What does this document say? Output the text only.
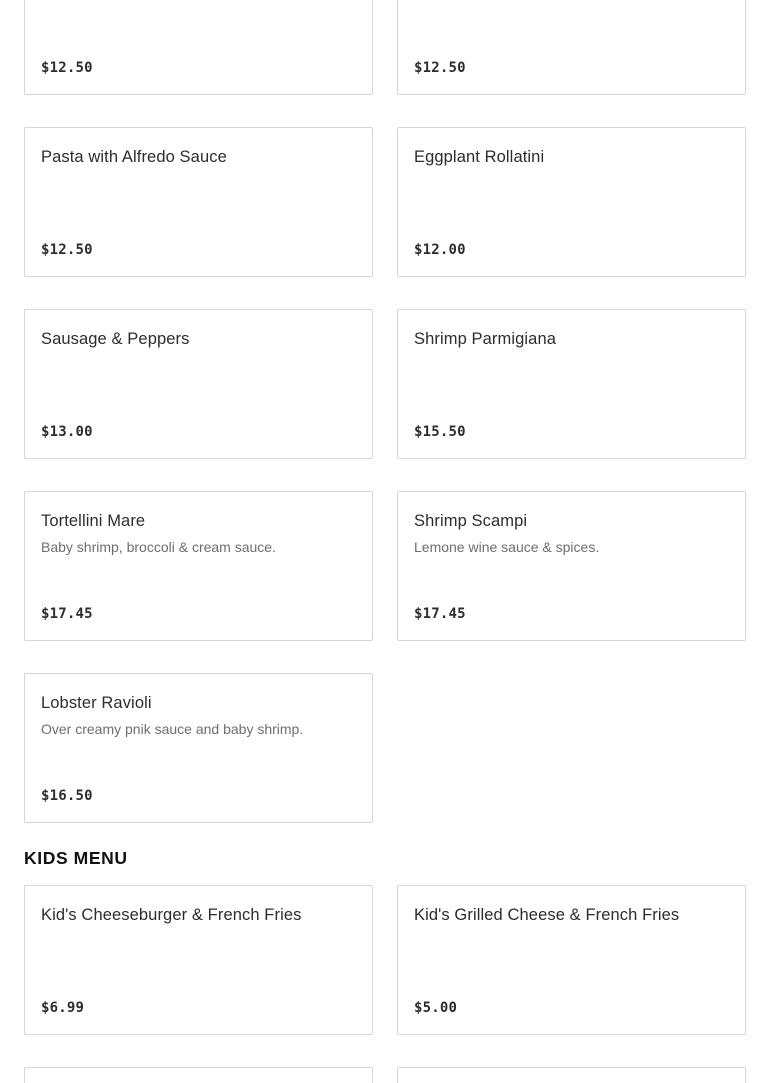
$12.50	$12.50
Pasta with Alfredo Sauce
$12.50
Eggplant Rollatini
$12.00
Sausage & Peppers
$13.00
Shrimp Parmigiana
$15.50
Tortellini Mare
Baby shrimp, broccoli & cream sauce.
$17.45
Shrimp Scampi
Lemone wine sauce & spices.
$17.45
Lobster Ravioli
Over creamy pnik sauce and baby shrimp.
$16.50
KIDS MENU
Kid's Cheeseburger & French Fries
$6.99
Kid's Grilled Cheese & French Fries
$5.00
